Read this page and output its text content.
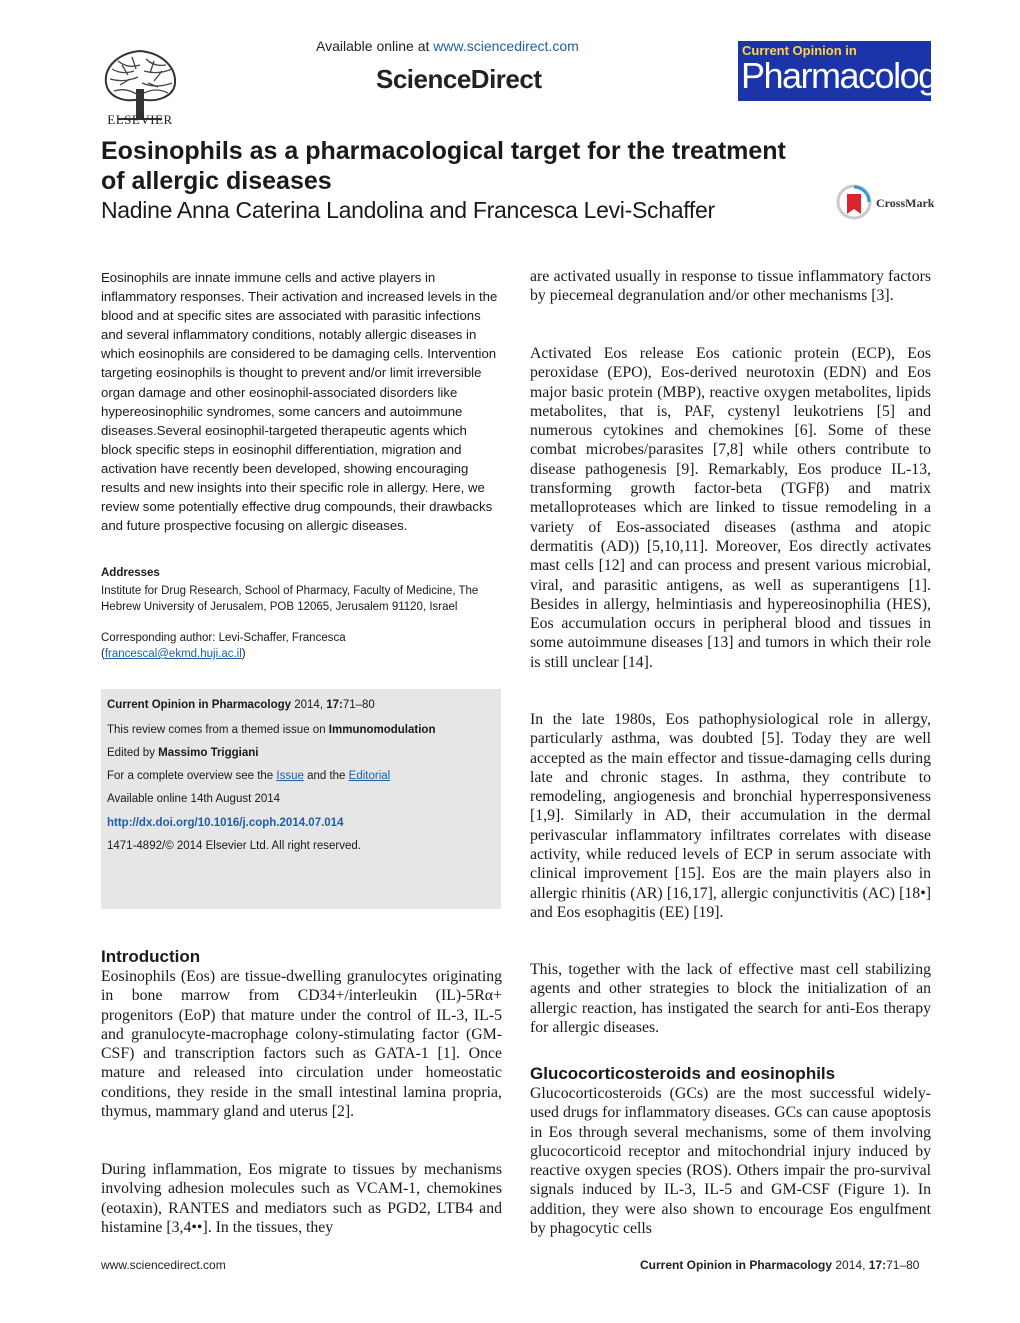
ELSEVIER
Available online at www.sciencedirect.com
ScienceDirect
Current Opinion in
Pharmacology
Eosinophils as a pharmacological target for the treatment of allergic diseases
Nadine Anna Caterina Landolina and Francesca Levi-Schaffer	CrossMark
Eosinophils are innate immune cells and active players in inflammatory responses. Their activation and increased levels in the blood and at specific sites are associated with parasitic infections and several inflammatory conditions, notably allergic diseases in which eosinophils are considered to be damaging cells. Intervention targeting eosinophils is thought to prevent and/or limit irreversible organ damage and other eosinophil-associated disorders like hypereosinophilic syndromes, some cancers and autoimmune diseases.Several eosinophil-targeted therapeutic agents which block specific steps in eosinophil differentiation, migration and activation have recently been developed, showing encouraging results and new insights into their specific role in allergy. Here, we review some potentially effective drug compounds, their drawbacks and future prospective focusing on allergic diseases.
Addresses
Institute for Drug Research, School of Pharmacy, Faculty of Medicine, The Hebrew University of Jerusalem, POB 12065, Jerusalem 91120, Israel
Corresponding author: Levi-Schaffer, Francesca
(francescal@ekmd.huji.ac.il)
Current Opinion in Pharmacology 2014, 17:71–80
This review comes from a themed issue on Immunomodulation
Edited by Massimo Triggiani
For a complete overview see the Issue and the Editorial
Available online 14th August 2014
http://dx.doi.org/10.1016/j.coph.2014.07.014
1471-4892/© 2014 Elsevier Ltd. All right reserved.
Introduction
Eosinophils (Eos) are tissue-dwelling granulocytes originating in bone marrow from CD34+/interleukin (IL)-5Rα+ progenitors (EoP) that mature under the control of IL-3, IL-5 and granulocyte-macrophage colony-stimulating factor (GM-CSF) and transcription factors such as GATA-1 [1]. Once mature and released into circulation under homeostatic conditions, they reside in the small intestinal lamina propria, thymus, mammary gland and uterus [2].
During inflammation, Eos migrate to tissues by mechanisms involving adhesion molecules such as VCAM-1, chemokines (eotaxin), RANTES and mediators such as PGD2, LTB4 and histamine [3,4••]. In the tissues, they
are activated usually in response to tissue inflammatory factors by piecemeal degranulation and/or other mechanisms [3].
Activated Eos release Eos cationic protein (ECP), Eos peroxidase (EPO), Eos-derived neurotoxin (EDN) and Eos major basic protein (MBP), reactive oxygen metabolites, lipids metabolites, that is, PAF, cystenyl leukotriens [5] and numerous cytokines and chemokines [6]. Some of these combat microbes/parasites [7,8] while others contribute to disease pathogenesis [9]. Remarkably, Eos produce IL-13, transforming growth factor-beta (TGFβ) and matrix metalloproteases which are linked to tissue remodeling in a variety of Eos-associated diseases (asthma and atopic dermatitis (AD)) [5,10,11]. Moreover, Eos directly activates mast cells [12] and can process and present various microbial, viral, and parasitic antigens, as well as superantigens [1]. Besides in allergy, helmintiasis and hypereosinophilia (HES), Eos accumulation occurs in peripheral blood and tissues in some autoimmune diseases [13] and tumors in which their role is still unclear [14].
In the late 1980s, Eos pathophysiological role in allergy, particularly asthma, was doubted [5]. Today they are well accepted as the main effector and tissue-damaging cells during late and chronic stages. In asthma, they contribute to remodeling, angiogenesis and bronchial hyperresponsiveness [1,9]. Similarly in AD, their accumulation in the dermal perivascular inflammatory infiltrates correlates with disease activity, while reduced levels of ECP in serum associate with clinical improvement [15]. Eos are the main players also in allergic rhinitis (AR) [16,17], allergic conjunctivitis (AC) [18•] and Eos esophagitis (EE) [19].
This, together with the lack of effective mast cell stabilizing agents and other strategies to block the initialization of an allergic reaction, has instigated the search for anti-Eos therapy for allergic diseases.
Glucocorticosteroids and eosinophils
Glucocorticosteroids (GCs) are the most successful widely-used drugs for inflammatory diseases. GCs can cause apoptosis in Eos through several mechanisms, some of them involving glucocorticoid receptor and mitochondrial injury induced by reactive oxygen species (ROS). Others impair the pro-survival signals induced by IL-3, IL-5 and GM-CSF (Figure 1). In addition, they were also shown to encourage Eos engulfment by phagocytic cells
www.sciencedirect.com	Current Opinion in Pharmacology 2014, 17:71–80
